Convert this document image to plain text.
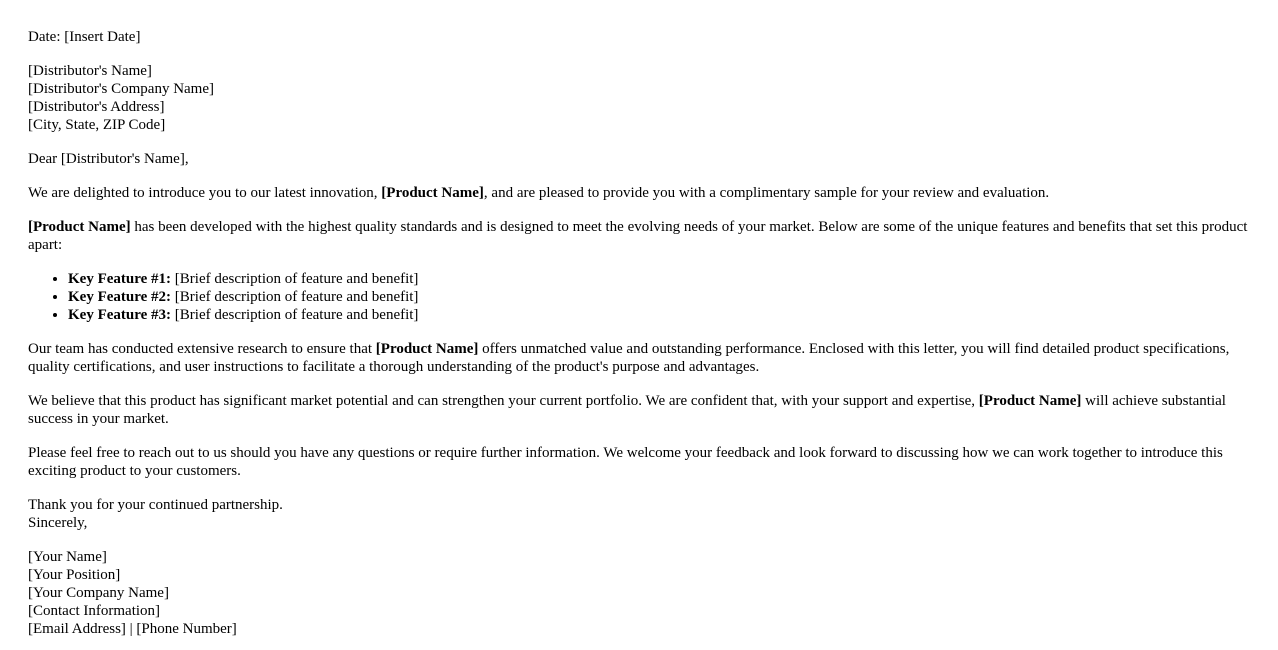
Date: [Insert Date]

[Distributor's Name]
[Distributor's Company Name]
[Distributor's Address]
[City, State, ZIP Code]

Dear [Distributor's Name],

We are delighted to introduce you to our latest innovation, [Product Name], and are pleased to provide you with a complimentary sample for your review and evaluation.

[Product Name] has been developed with the highest quality standards and is designed to meet the evolving needs of your market. Below are some of the unique features and benefits that set this product apart:

• Key Feature #1: [Brief description of feature and benefit]
• Key Feature #2: [Brief description of feature and benefit]
• Key Feature #3: [Brief description of feature and benefit]

Our team has conducted extensive research to ensure that [Product Name] offers unmatched value and outstanding performance. Enclosed with this letter, you will find detailed product specifications, quality certifications, and user instructions to facilitate a thorough understanding of the product's purpose and advantages.

We believe that this product has significant market potential and can strengthen your current portfolio. We are confident that, with your support and expertise, [Product Name] will achieve substantial success in your market.

Please feel free to reach out to us should you have any questions or require further information. We welcome your feedback and look forward to discussing how we can work together to introduce this exciting product to your customers.

Thank you for your continued partnership.
Sincerely,
[Your Name]
[Your Position]
[Your Company Name]
[Contact Information]
[Email Address] | [Phone Number]
